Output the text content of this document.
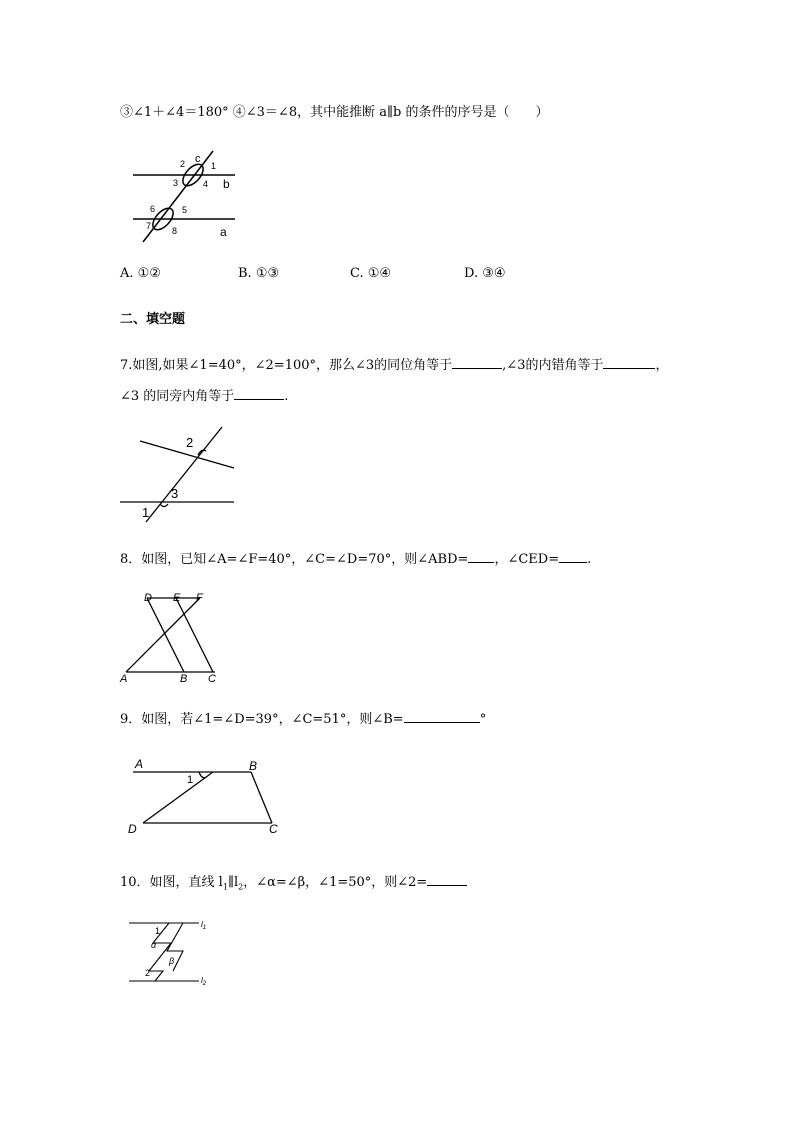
③∠1＋∠4＝180° ④∠3＝∠8，其中能推断 a∥b 的条件的序号是（　　）
c
2	1
3	4 b
6	5
7 8	a
A. ①②	B. ①③	C. ①④	D. ③④
二、填空题
7.如图,如果∠1=40°，∠2=100°，那么∠3的同位角等于	,∠3的内错角等于	，
∠3 的同旁内角等于	.
2
3
1
8．如图，已知∠A=∠F=40°，∠C=∠D=70°，则∠ABD= ，∠CED= .
D E F
A	B C
9．如图，若∠1=∠D=39°，∠C=51°，则∠B=	°
A	B
D	C
1
10．如图，直线 $l_1\parallel l_2$，∠α=∠β，∠1=50°，则∠2=
$l_1$
$l_2$
1
α
β
2
